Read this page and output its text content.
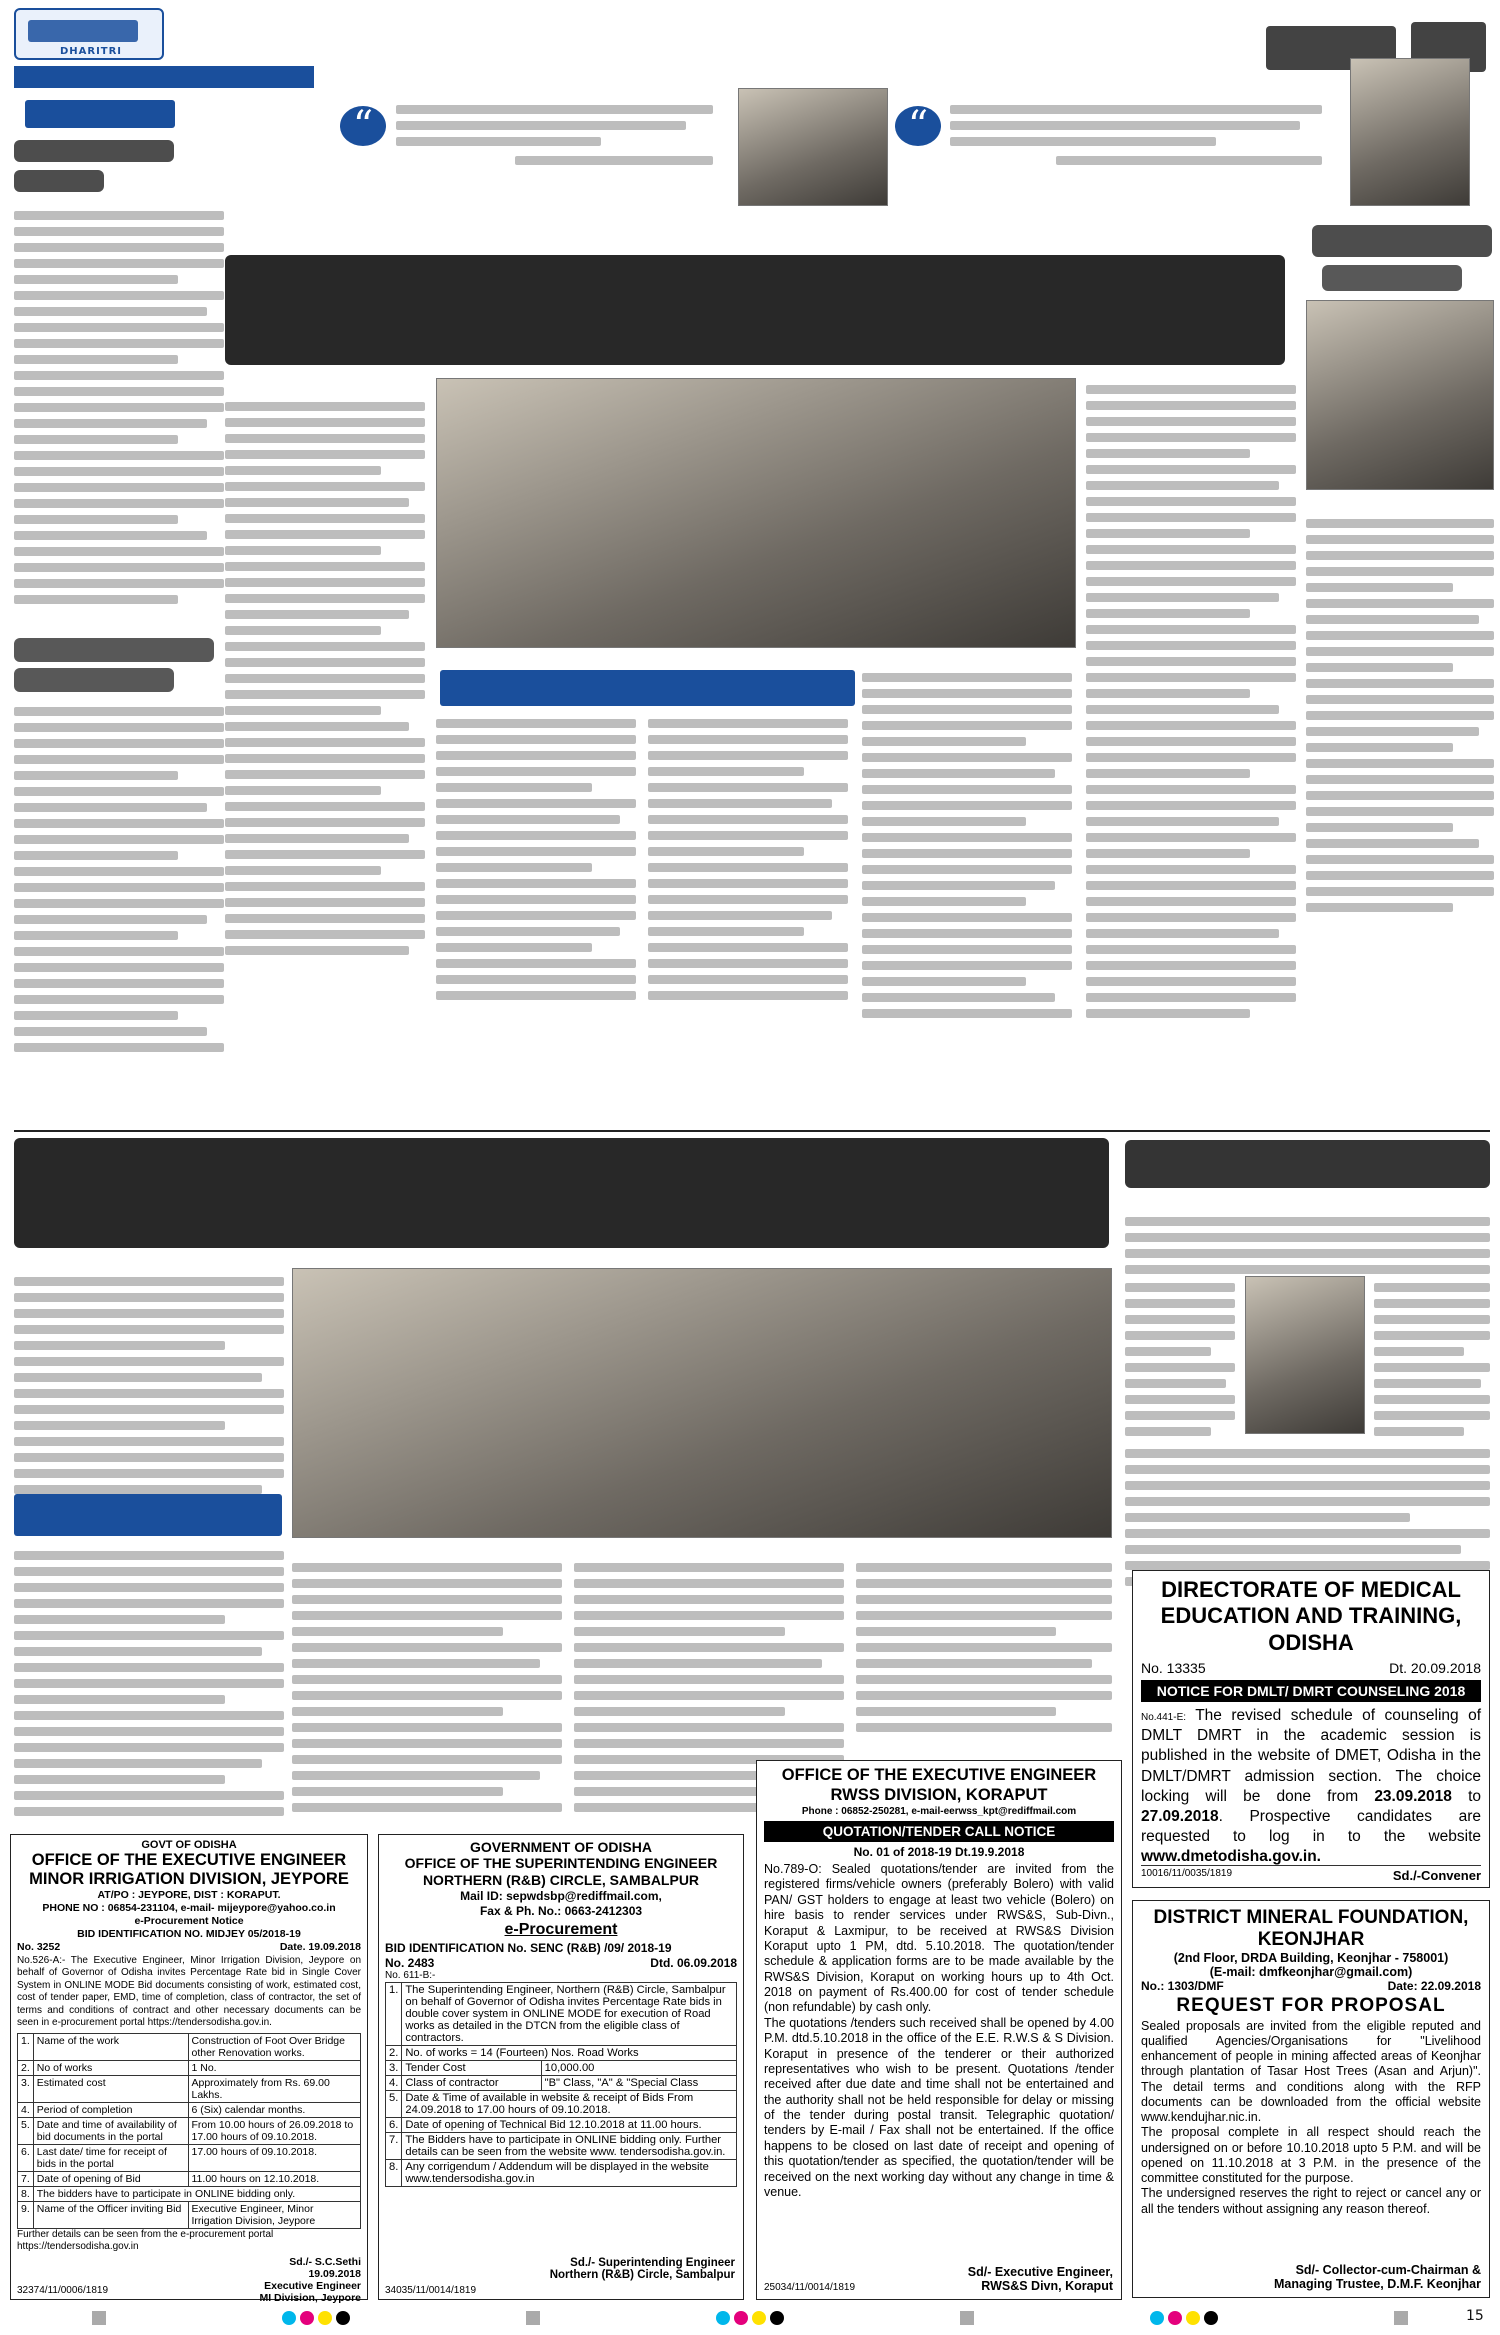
DHARITRI
“	“
DIRECTORATE OF MEDICAL EDUCATION AND TRAINING, ODISHA
No. 13335	Dt. 20.09.2018
NOTICE FOR DMLT/ DMRT COUNSELING 2018
No.441-E: The revised schedule of counseling of DMLT DMRT in the academic session is published in the website of DMET, Odisha in the DMLT/DMRT admission section. The choice locking will be done from 23.09.2018 to 27.09.2018. Prospective candidates are requested to log in to the website www.dmetodisha.gov.in.
10016/11/0035/1819	Sd./-Convener
DISTRICT MINERAL FOUNDATION, KEONJHAR
(2nd Floor, DRDA Building, Keonjhar - 758001)
(E-mail: dmfkeonjhar@gmail.com)
No.: 1303/DMF	Date: 22.09.2018
REQUEST FOR PROPOSAL
Sealed proposals are invited from the eligible reputed and qualified Agencies/Organisations for "Livelihood enhancement of people in mining affected areas of Keonjhar through plantation of Tasar Host Trees (Asan and Arjun)". The detail terms and conditions along with the RFP documents can be downloaded from the official website www.kendujhar.nic.in.
The proposal complete in all respect should reach the undersigned on or before 10.10.2018 upto 5 P.M. and will be opened on 11.10.2018 at 3 P.M. in the presence of the committee constituted for the purpose.
The undersigned reserves the right to reject or cancel any or all the tenders without assigning any reason thereof.
Sd/- Collector-cum-Chairman &
Managing Trustee, D.M.F. Keonjhar
GOVT OF ODISHA
OFFICE OF THE EXECUTIVE ENGINEER MINOR IRRIGATION DIVISION, JEYPORE
AT/PO : JEYPORE, DIST : KORAPUT.
PHONE NO : 06854-231104, e-mail- mijeypore@yahoo.co.in
e-Procurement Notice
BID IDENTIFICATION NO. MIDJEY 05/2018-19
No. 3252	Date. 19.09.2018
No.526-A:- The Executive Engineer, Minor Irrigation Division, Jeypore on behalf of Governor of Odisha invites Percentage Rate bid in Single Cover System in ONLINE MODE Bid documents consisting of work, estimated cost, cost of tender paper, EMD, time of completion, class of contractor, the set of terms and conditions of contract and other necessary documents can be seen in e-procurement portal https://tendersodisha.gov.in.
1.	Name of the work	Construction of Foot Over Bridge other Renovation works.
2.	No of works	1 No.
3.	Estimated cost	Approximately from Rs. 69.00 Lakhs.
4.	Period of completion	6 (Six) calendar months.
5.	Date and time of availability of bid documents in the portal	From 10.00 hours of 26.09.2018 to 17.00 hours of 09.10.2018.
6.	Last date/ time for receipt of bids in the portal	17.00 hours of 09.10.2018.
7.	Date of opening of Bid	11.00 hours on 12.10.2018.
8.	The bidders have to participate in ONLINE bidding only.	
9.	Name of the Officer inviting Bid	Executive Engineer, Minor Irrigation Division, Jeypore
Further details can be seen from the e-procurement portal https://tendersodisha.gov.in
Sd./- S.C.Sethi
19.09.2018
Executive Engineer
MI Division, Jeypore
32374/11/0006/1819
GOVERNMENT OF ODISHA
OFFICE OF THE SUPERINTENDING ENGINEER NORTHERN (R&B) CIRCLE, SAMBALPUR
Mail ID: sepwdsbp@rediffmail.com,
Fax & Ph. No.: 0663-2412303
e-Procurement
BID IDENTIFICATION No. SENC (R&B) /09/ 2018-19
No. 2483	Dtd. 06.09.2018
No. 611-B:-
1.	The Superintending Engineer, Northern (R&B) Circle, Sambalpur on behalf of Governor of Odisha invites Percentage Rate bids in double cover system in ONLINE MODE for execution of Road works as detailed in the DTCN from the eligible class of contractors.	
2.	No. of works = 14 (Fourteen) Nos. Road Works	
3.	Tender Cost	10,000.00
4.	Class of contractor	"B" Class, "A" & "Special Class
5.	Date & Time of available in website & receipt of Bids From 24.09.2018 to 17.00 hours of 09.10.2018.	
6.	Date of opening of Technical Bid 12.10.2018 at 11.00 hours.	
7.	The Bidders have to participate in ONLINE bidding only. Further details can be seen from the website www. tendersodisha.gov.in.	
8.	Any corrigendum / Addendum will be displayed in the website www.tendersodisha.gov.in	
Sd./- Superintending Engineer
Northern (R&B) Circle, Sambalpur
34035/11/0014/1819
OFFICE OF THE EXECUTIVE ENGINEER RWSS DIVISION, KORAPUT
Phone : 06852-250281, e-mail-eerwss_kpt@rediffmail.com
QUOTATION/TENDER CALL NOTICE
No. 01 of 2018-19 Dt.19.9.2018
No.789-O: Sealed quotations/tender are invited from the registered firms/vehicle owners (preferably Bolero) with valid PAN/ GST holders to engage at least two vehicle (Bolero) on hire basis to render services under RWS&S, Sub-Divn., Koraput & Laxmipur, to be received at RWS&S Division Koraput upto 1 PM, dtd. 5.10.2018. The quotation/tender schedule & application forms are to be made available by the RWS&S Division, Koraput on working hours up to 4th Oct. 2018 on payment of Rs.400.00 for cost of tender schedule (non refundable) by cash only.
The quotations /tenders such received shall be opened by 4.00 P.M. dtd.5.10.2018 in the office of the E.E. R.W.S & S Division. Koraput in presence of the tenderer or their authorized representatives who wish to be present. Quotations /tender received after due date and time shall not be entertained and the authority shall not be held responsible for delay or missing of the tender during postal transit. Telegraphic quotation/ tenders by E-mail / Fax shall not be entertained. If the office happens to be closed on last date of receipt and opening of this quotation/tender as specified, the quotation/tender will be received on the next working day without any change in time & venue.
Sd/- Executive Engineer,
RWS&S Divn, Koraput
25034/11/0014/1819
15
